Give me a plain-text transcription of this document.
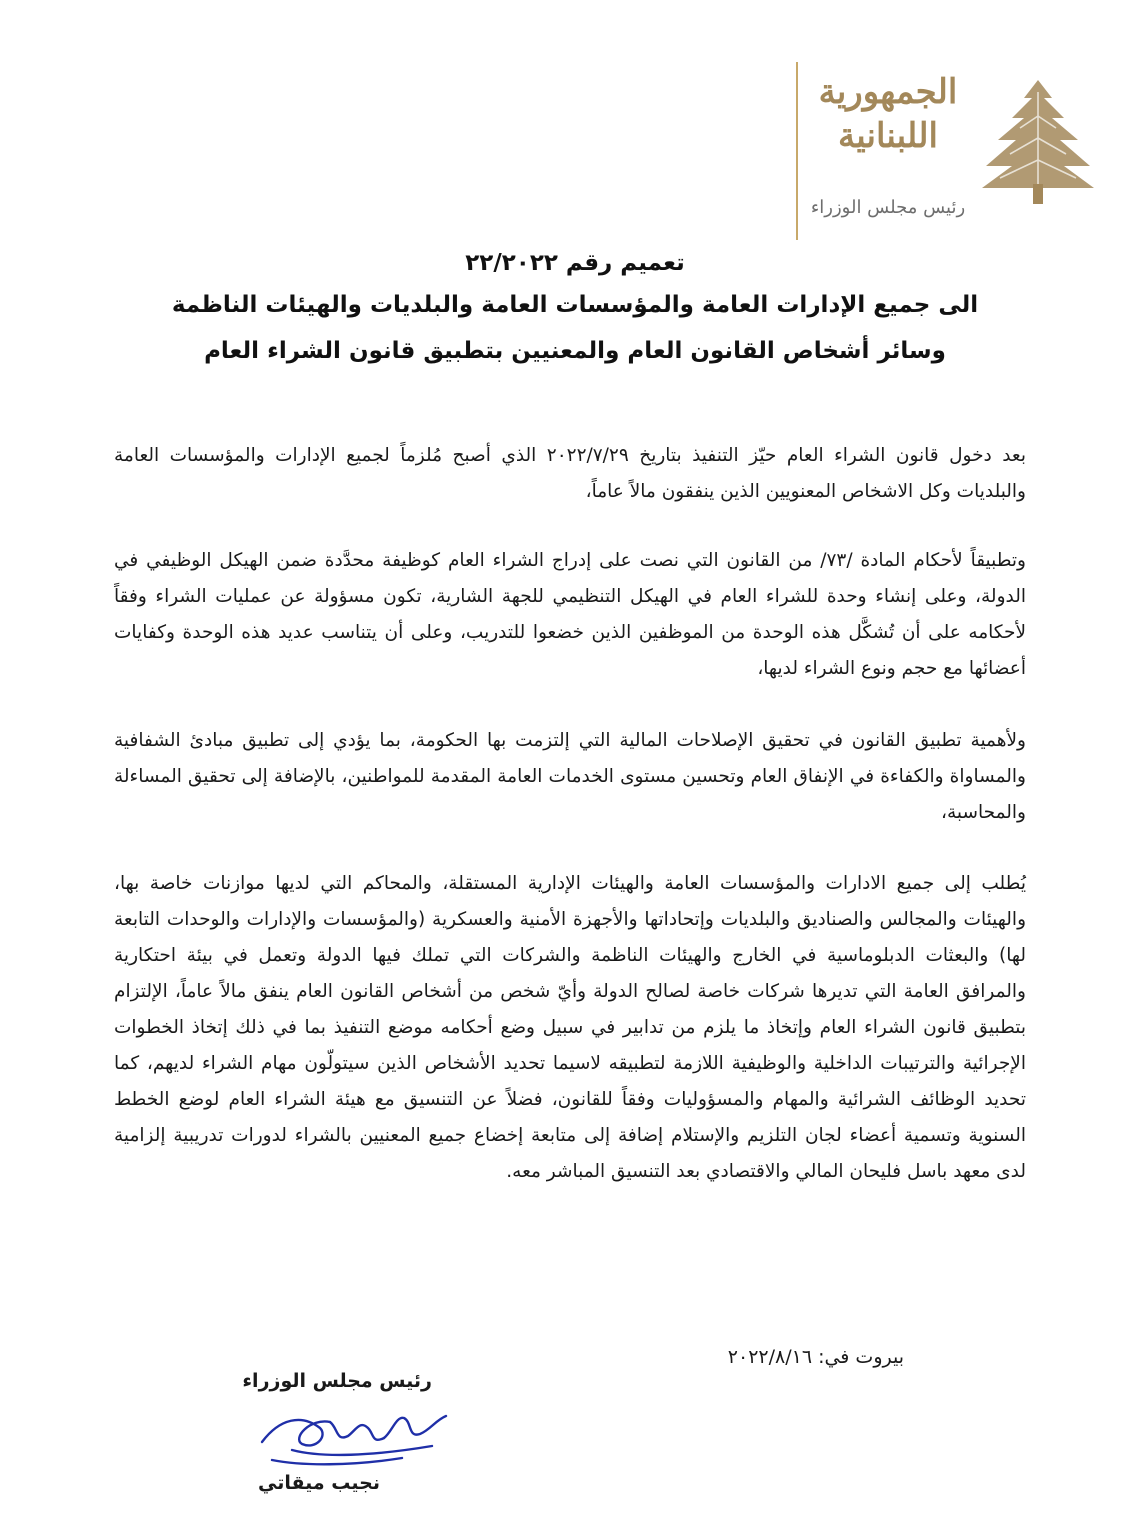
الجمهورية اللبنانية
رئيس مجلس الوزراء
تعميم رقم ٢٢/٢٠٢٢
الى جميع الإدارات العامة والمؤسسات العامة والبلديات والهيئات الناظمة
وسائر أشخاص القانون العام والمعنيين بتطبيق قانون الشراء العام
بعد دخول قانون الشراء العام حيّز التنفيذ بتاريخ ٢٠٢٢/٧/٢٩ الذي أصبح مُلزماً لجميع الإدارات والمؤسسات العامة والبلديات وكل الاشخاص المعنويين الذين ينفقون مالاً عاماً،
وتطبيقاً لأحكام المادة /٧٣/ من القانون التي نصت على إدراج الشراء العام كوظيفة محدَّدة ضمن الهيكل الوظيفي في الدولة، وعلى إنشاء وحدة للشراء العام في الهيكل التنظيمي للجهة الشارية، تكون مسؤولة عن عمليات الشراء وفقاً لأحكامه على أن تُشكَّل هذه الوحدة من الموظفين الذين خضعوا للتدريب، وعلى أن يتناسب عديد هذه الوحدة وكفايات أعضائها مع حجم ونوع الشراء لديها،
ولأهمية تطبيق القانون في تحقيق الإصلاحات المالية التي إلتزمت بها الحكومة، بما يؤدي إلى تطبيق مبادئ الشفافية والمساواة والكفاءة في الإنفاق العام وتحسين مستوى الخدمات العامة المقدمة للمواطنين، بالإضافة إلى تحقيق المساءلة والمحاسبة،
يُطلب إلى جميع الادارات والمؤسسات العامة والهيئات الإدارية المستقلة، والمحاكم التي لديها موازنات خاصة بها، والهيئات والمجالس والصناديق والبلديات وإتحاداتها والأجهزة الأمنية والعسكرية (والمؤسسات والإدارات والوحدات التابعة لها) والبعثات الدبلوماسية في الخارج والهيئات الناظمة والشركات التي تملك فيها الدولة وتعمل في بيئة احتكارية والمرافق العامة التي تديرها شركات خاصة لصالح الدولة وأيّ شخص من أشخاص القانون العام ينفق مالاً عاماً، الإلتزام بتطبيق قانون الشراء العام وإتخاذ ما يلزم من تدابير في سبيل وضع أحكامه موضع التنفيذ بما في ذلك إتخاذ الخطوات الإجرائية والترتيبات الداخلية والوظيفية اللازمة لتطبيقه لاسيما تحديد الأشخاص الذين سيتولّون مهام الشراء لديهم، كما تحديد الوظائف الشرائية والمهام والمسؤوليات وفقاً للقانون، فضلاً عن التنسيق مع هيئة الشراء العام لوضع الخطط السنوية وتسمية أعضاء لجان التلزيم والإستلام إضافة إلى متابعة إخضاع جميع المعنيين بالشراء لدورات تدريبية إلزامية لدى معهد باسل فليحان المالي والاقتصادي بعد التنسيق المباشر معه.
بيروت في: ٢٠٢٢/٨/١٦
رئيس مجلس الوزراء
نجيب ميقاتي
